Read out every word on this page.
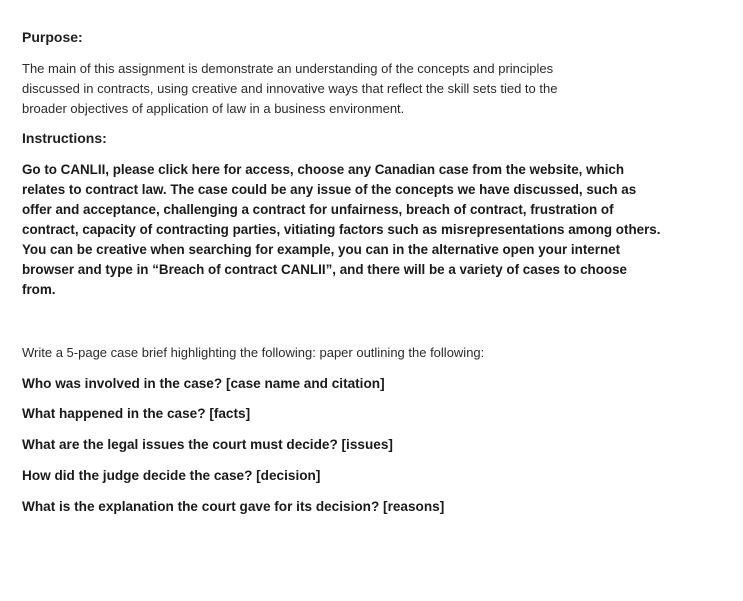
Purpose:
The main of this assignment is demonstrate an understanding of the concepts and principles
discussed in contracts, using creative and innovative ways that reflect the skill sets tied to the
broader objectives of application of law in a business environment.
Instructions:
Go to CANLII, please click here for access, choose any Canadian case from the website, which
relates to contract law. The case could be any issue of the concepts we have discussed, such as
offer and acceptance, challenging a contract for unfairness, breach of contract, frustration of
contract, capacity of contracting parties, vitiating factors such as misrepresentations among others.
You can be creative when searching for example, you can in the alternative open your internet
browser and type in “Breach of contract CANLII”, and there will be a variety of cases to choose
from.
Write a 5-page case brief highlighting the following: paper outlining the following:
Who was involved in the case? [case name and citation]
What happened in the case? [facts]
What are the legal issues the court must decide? [issues]
How did the judge decide the case? [decision]
What is the explanation the court gave for its decision? [reasons]
